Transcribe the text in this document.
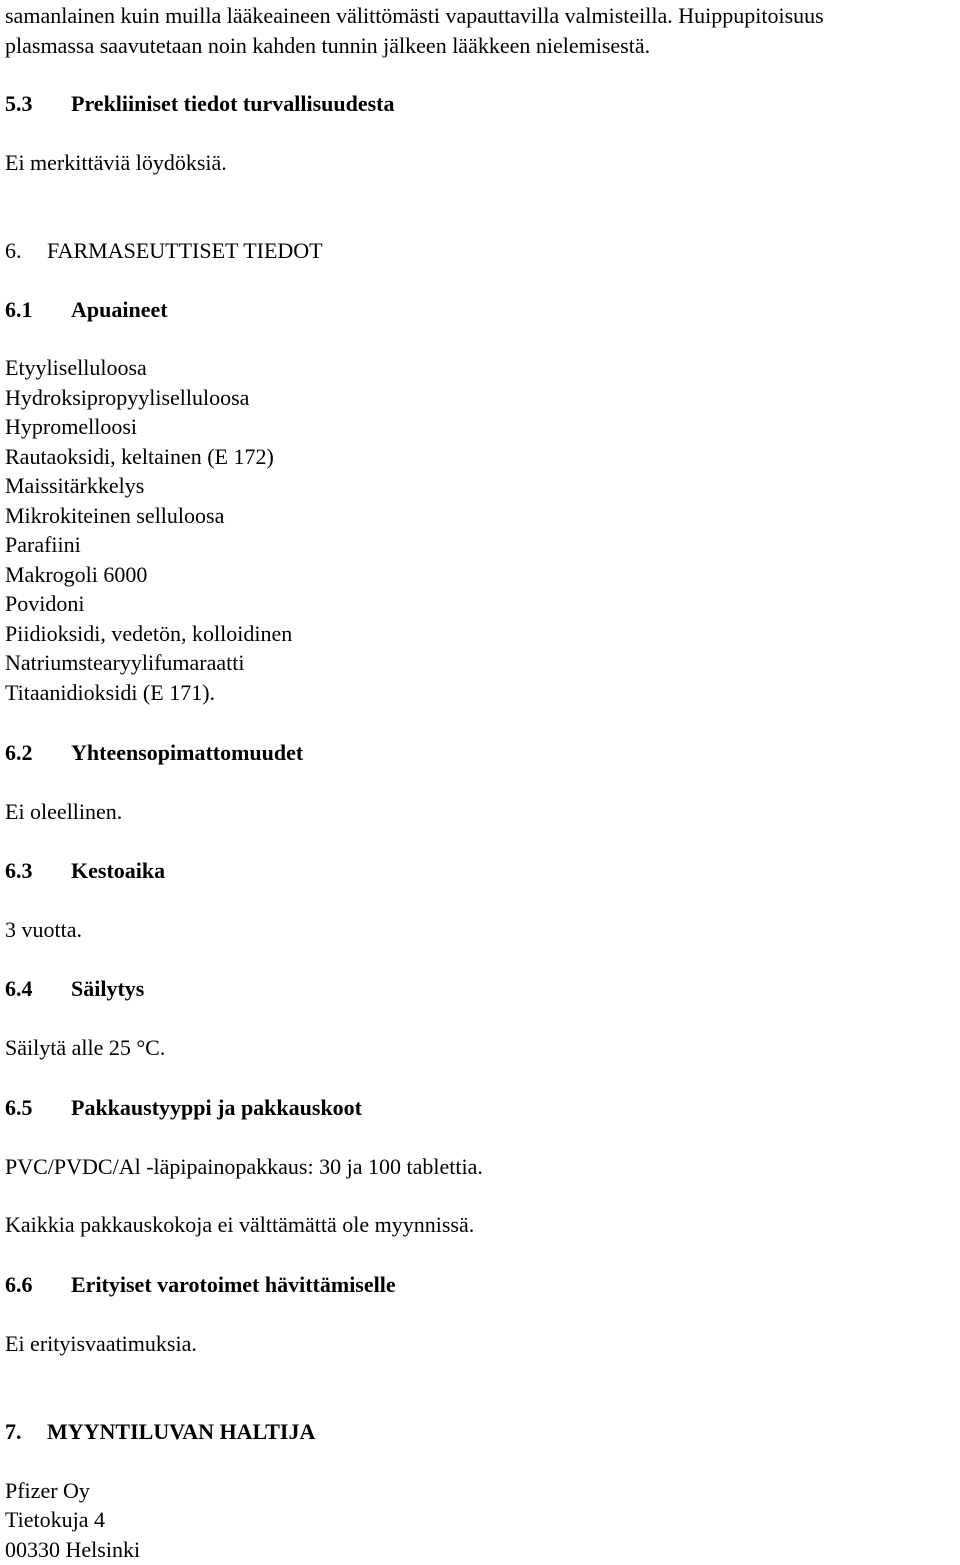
samanlainen kuin muilla lääkeaineen välittömästi vapauttavilla valmisteilla. Huippupitoisuus
plasmassa saavutetaan noin kahden tunnin jälkeen lääkkeen nielemisestä.
5.3 Prekliiniset tiedot turvallisuudesta
Ei merkittäviä löydöksiä.
6. FARMASEUTTISET TIEDOT
6.1 Apuaineet
Etyyliselluloosa
Hydroksipropyyliselluloosa
Hypromelloosi
Rautaoksidi, keltainen (E 172)
Maissitärkkelys
Mikrokiteinen selluloosa
Parafiini
Makrogoli 6000
Povidoni
Piidioksidi, vedetön, kolloidinen
Natriumstearyylifumaraatti
Titaanidioksidi (E 171).
6.2 Yhteensopimattomuudet
Ei oleellinen.
6.3 Kestoaika
3 vuotta.
6.4 Säilytys
Säilytä alle 25 °C.
6.5 Pakkaustyyppi ja pakkauskoot
PVC/PVDC/Al -läpipainopakkaus: 30 ja 100 tablettia.
Kaikkia pakkauskokoja ei välttämättä ole myynnissä.
6.6 Erityiset varotoimet hävittämiselle
Ei erityisvaatimuksia.
7. MYYNTILUVAN HALTIJA
Pfizer Oy
Tietokuja 4
00330 Helsinki
